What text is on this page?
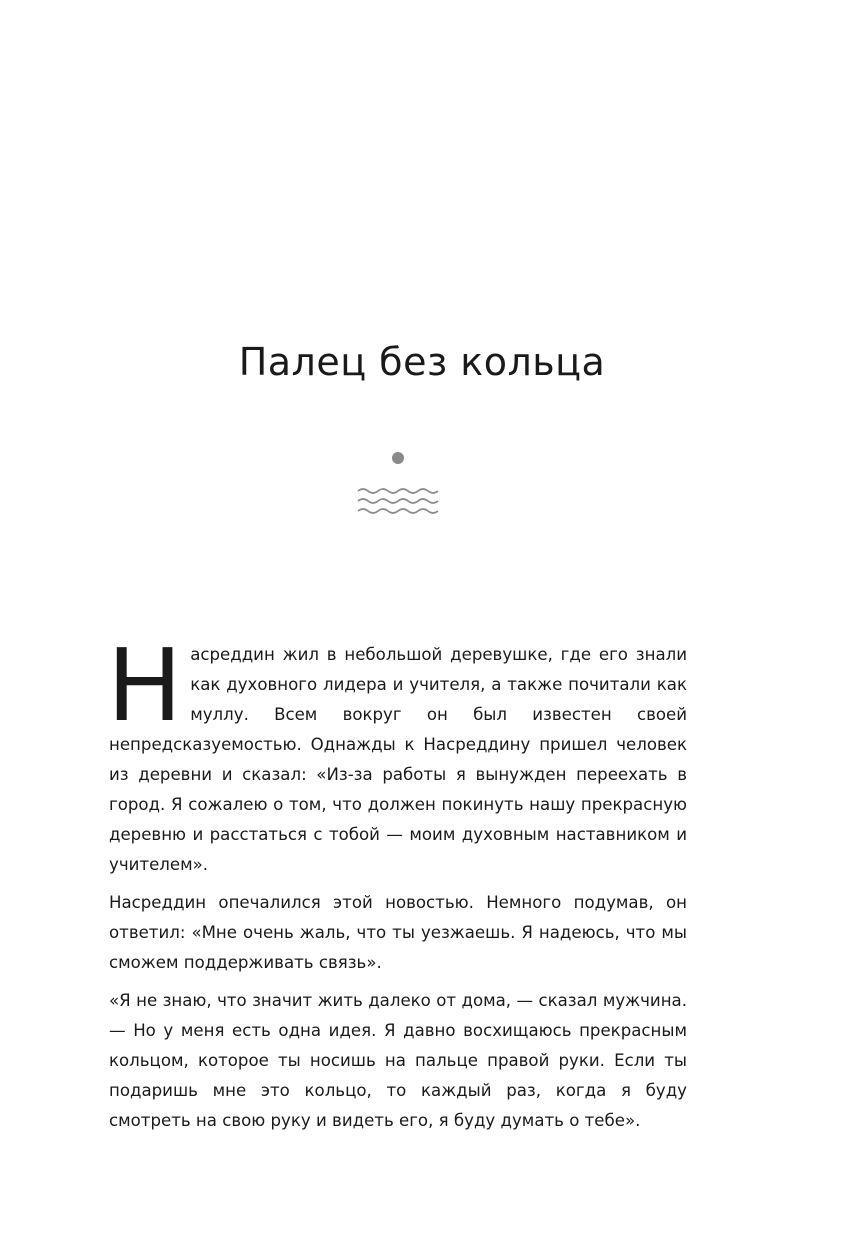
Палец без кольца

Насреддин жил в небольшой деревушке, где его знали как духовного лидера и учителя, а также почитали как муллу. Всем вокруг он был известен своей непредсказуемостью. Однажды к Насреддину пришел человек из деревни и сказал: «Из-за работы я вынужден переехать в город. Я сожалею о том, что должен покинуть нашу прекрасную деревню и расстаться с тобой — моим духовным наставником и учителем».

Насреддин опечалился этой новостью. Немного подумав, он ответил: «Мне очень жаль, что ты уезжаешь. Я надеюсь, что мы сможем поддерживать связь».

«Я не знаю, что значит жить далеко от дома, — сказал мужчина. — Но у меня есть одна идея. Я давно восхищаюсь прекрасным кольцом, которое ты носишь на пальце правой руки. Если ты подаришь мне это кольцо, то каждый раз, когда я буду смотреть на свою руку и видеть его, я буду думать о тебе».
